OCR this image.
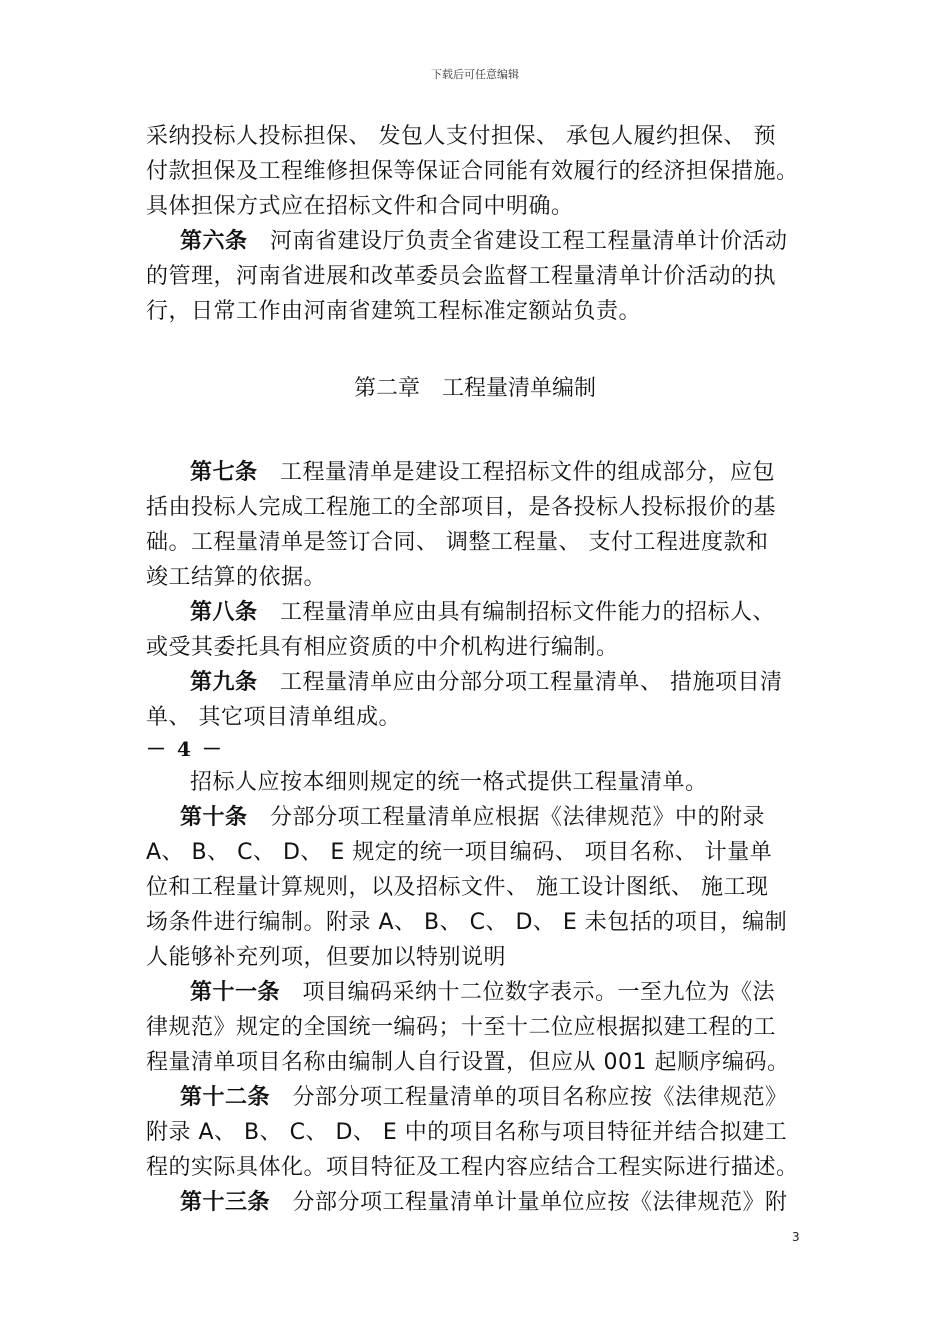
下载后可任意编辑
采纳投标人投标担保、 发包人支付担保、 承包人履约担保、 预
付款担保及工程维修担保等保证合同能有效履行的经济担保措施。
具体担保方式应在招标文件和合同中明确。
第六条　河南省建设厅负责全省建设工程工程量清单计价活动
的管理，河南省进展和改革委员会监督工程量清单计价活动的执
行，日常工作由河南省建筑工程标准定额站负责。
第二章　工程量清单编制
第七条　工程量清单是建设工程招标文件的组成部分，应包
括由投标人完成工程施工的全部项目，是各投标人投标报价的基
础。工程量清单是签订合同、 调整工程量、 支付工程进度款和
竣工结算的依据。
第八条　工程量清单应由具有编制招标文件能力的招标人、
或受其委托具有相应资质的中介机构进行编制。
第九条　工程量清单应由分部分项工程量清单、 措施项目清
单、 其它项目清单组成。
－ 4 －
招标人应按本细则规定的统一格式提供工程量清单。
第十条　分部分项工程量清单应根据《法律规范》中的附录
A、 B、 C、 D、 E 规定的统一项目编码、 项目名称、 计量单
位和工程量计算规则，以及招标文件、 施工设计图纸、 施工现
场条件进行编制。附录 A、 B、 C、 D、 E 未包括的项目，编制
人能够补充列项，但要加以特别说明
第十一条　项目编码采纳十二位数字表示。一至九位为《法
律规范》规定的全国统一编码；十至十二位应根据拟建工程的工
程量清单项目名称由编制人自行设置，但应从 001 起顺序编码。
第十二条　分部分项工程量清单的项目名称应按《法律规范》
附录 A、 B、 C、 D、 E 中的项目名称与项目特征并结合拟建工
程的实际具体化。项目特征及工程内容应结合工程实际进行描述。
第十三条　分部分项工程量清单计量单位应按《法律规范》附
3
